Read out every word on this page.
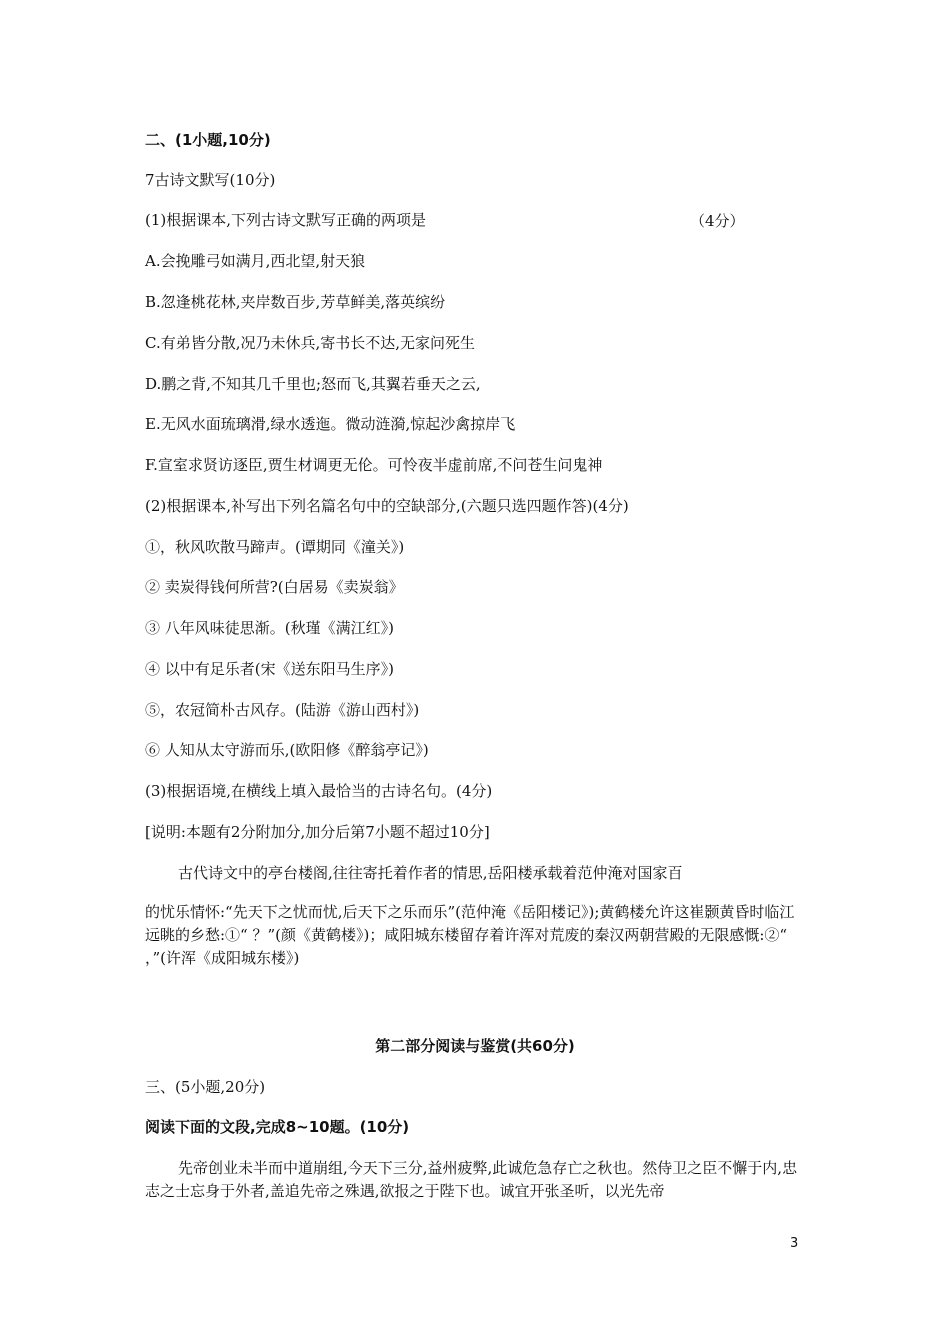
二、(1小题,10分)
7古诗文默写(10分)
(1)根据课本,下列古诗文默写正确的两项是	（4分）
A.会挽雕弓如满月,西北望,射天狼
B.忽逢桃花林,夹岸数百步,芳草鲜美,落英缤纷
C.有弟皆分散,况乃未休兵,寄书长不达,无家问死生
D.鹏之背,不知其几千里也;怒而飞,其翼若垂天之云,
E.无风水面琉璃滑,绿水透迤。微动涟漪,惊起沙禽掠岸飞
F.宣室求贤访逐臣,贾生材调更无伦。可怜夜半虚前席,不问苍生问鬼神
(2)根据课本,补写出下列名篇名句中的空缺部分,(六题只选四题作答)(4分)
①，秋风吹散马蹄声。(谭期同《潼关》)
② 卖炭得钱何所营?(白居易《卖炭翁》
③ 八年风味徒思渐。(秋瑾《满江红》)
④ 以中有足乐者(宋《送东阳马生序》)
⑤，农冠简朴古风存。(陆游《游山西村》)
⑥ 人知从太守游而乐,(欧阳修《醉翁亭记》)
(3)根据语境,在横线上填入最恰当的古诗名句。(4分)
[说明:本题有2分附加分,加分后第7小题不超过10分]
古代诗文中的亭台楼阁,往往寄托着作者的情思,岳阳楼承载着范仲淹对国家百
的忧乐情怀:“先天下之忧而忧,后天下之乐而乐”(范仲淹《岳阳楼记》);黄鹤楼允许这崔颢黄昏时临江远眺的乡愁:①“ ？”(颜《黄鹤楼》)；咸阳城东楼留存着许浑对荒废的秦汉两朝营殿的无限感慨:②“ ，”(许浑《成阳城东楼》)
第二部分阅读与鉴赏(共60分)
三、(5小题,20分)
阅读下面的文段,完成8~10题。(10分)
先帝创业未半而中道崩组,今天下三分,益州疲弊,此诚危急存亡之秋也。然侍卫之臣不懈于内,忠志之士忘身于外者,盖追先帝之殊遇,欲报之于陛下也。诚宜开张圣听，以光先帝
3
